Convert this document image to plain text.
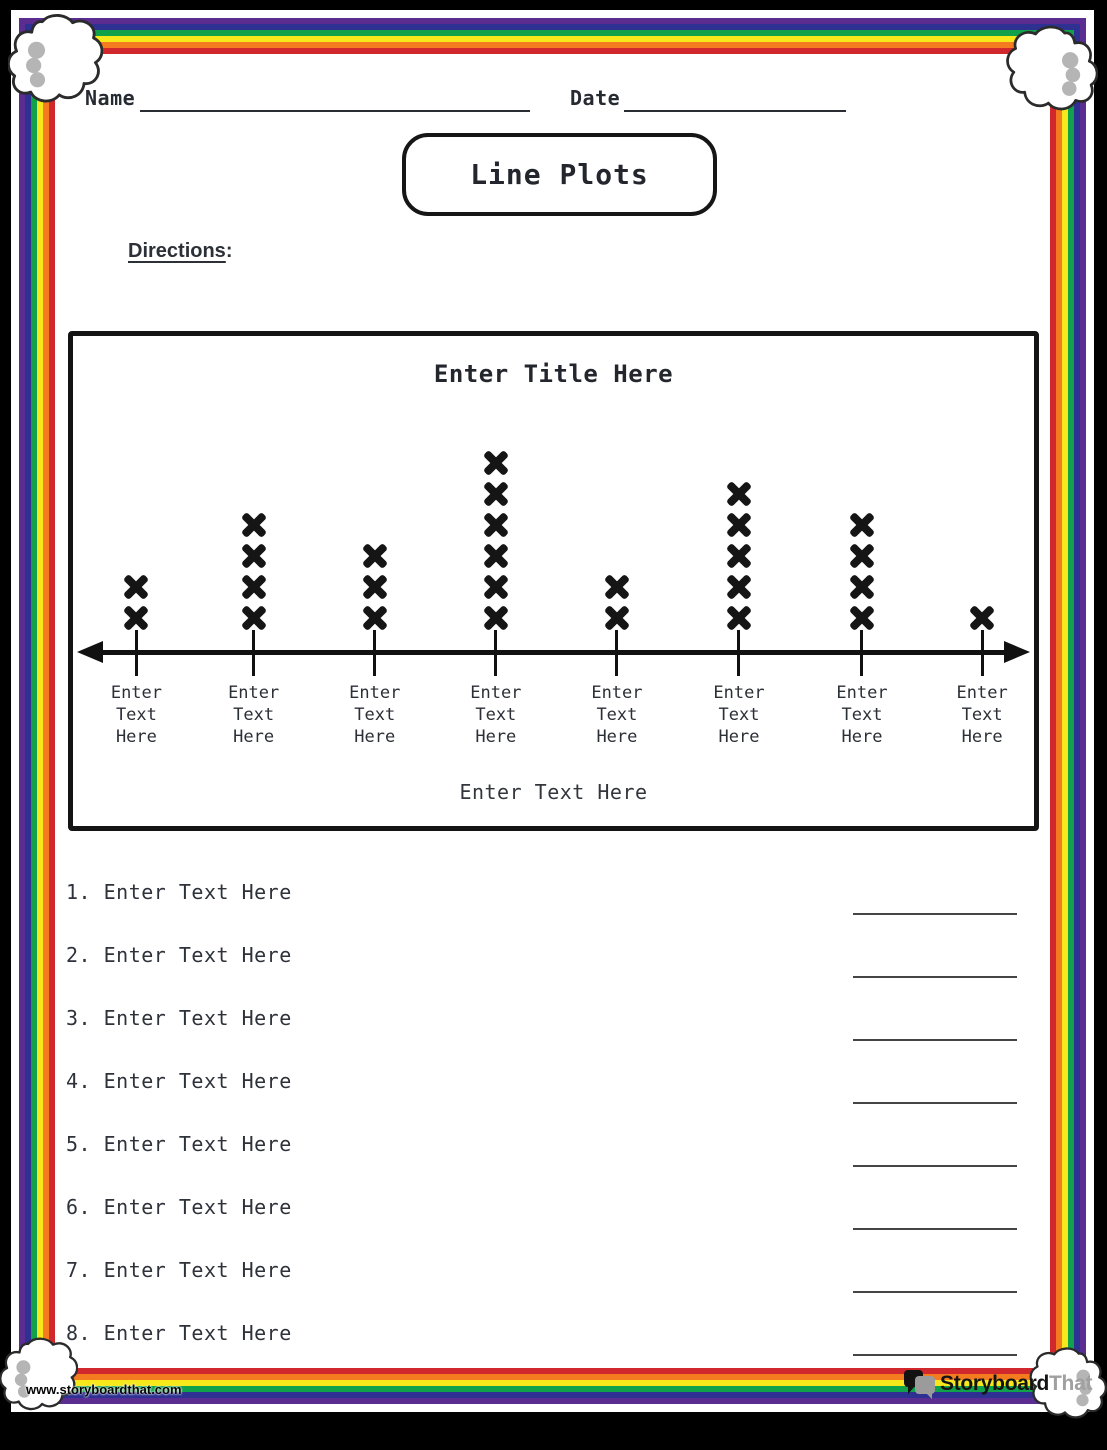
Name	Date
Line Plots
Directions:
Enter Title Here
Enter Text Here
Enter Text Here
Enter Text Here
Enter Text Here
Enter Text Here
Enter Text Here
Enter Text Here
Enter Text Here
Enter Text Here
1. Enter Text Here
2. Enter Text Here
3. Enter Text Here
4. Enter Text Here
5. Enter Text Here
6. Enter Text Here
7. Enter Text Here
8. Enter Text Here
www.storyboardthat.com	StoryboardThat
